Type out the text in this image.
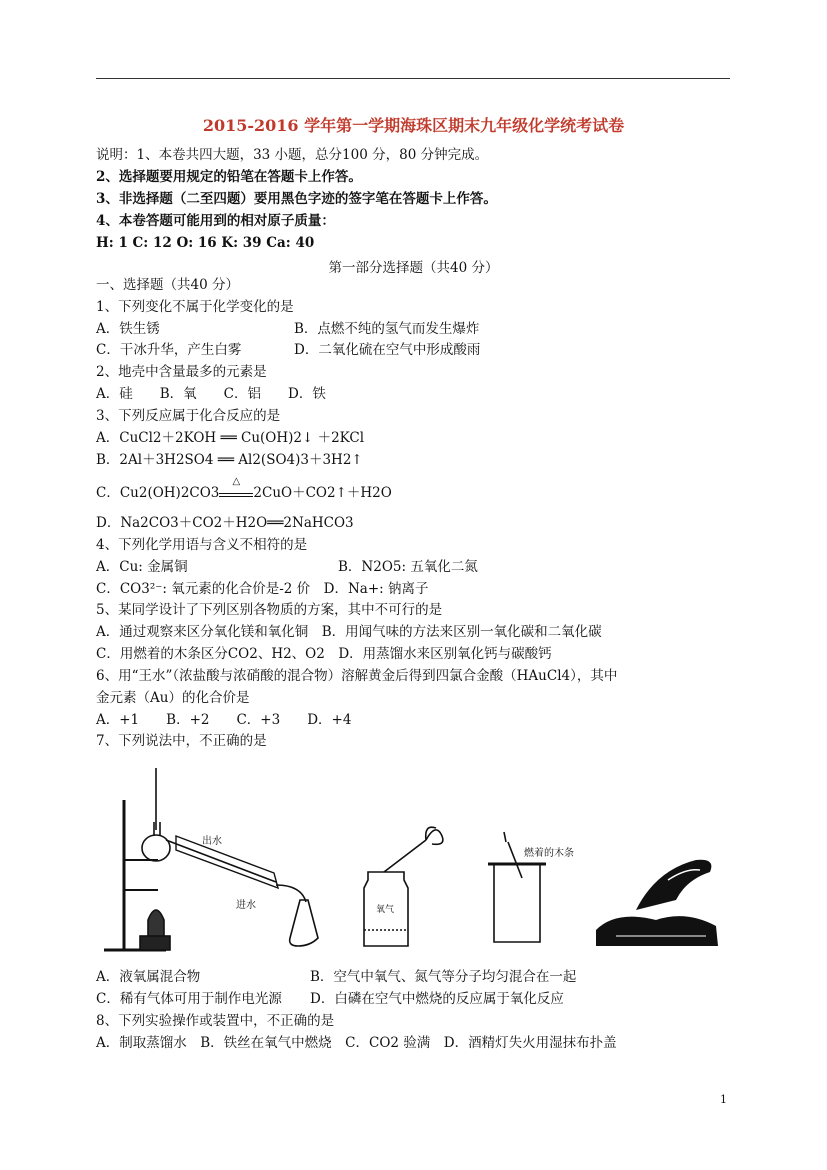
2015-2016 学年第一学期海珠区期末九年级化学统考试卷
说明：1、本卷共四大题，33 小题，总分100 分，80 分钟完成。
2、选择题要用规定的铅笔在答题卡上作答。
3、非选择题（二至四题）要用黑色字迹的签字笔在答题卡上作答。
4、本卷答题可能用到的相对原子质量：
H: 1 C: 12 O: 16 K: 39 Ca: 40
第一部分选择题（共40 分）
一、选择题（共40 分）
1、下列变化不属于化学变化的是
A．铁生锈	B．点燃不纯的氢气而发生爆炸
C．干冰升华，产生白雾	D．二氧化硫在空气中形成酸雨
2、地壳中含量最多的元素是
A．硅　　B．氧　　C．铝　　D．铁
3、下列反应属于化合反应的是
A．CuCl2＋2KOH ══ Cu(OH)2↓ ＋2KCl
B．2Al＋3H2SO4 ══ Al2(SO4)3＋3H2↑
C．Cu2(OH)2CO3
△
2CuO＋CO2↑＋H2O
D．Na2CO3＋CO2＋H2O══2NaHCO3
4、下列化学用语与含义不相符的是
A．Cu: 金属铜	B．N2O5: 五氧化二氮
C．CO3²⁻: 氧元素的化合价是-2 价　D．Na+: 钠离子
5、某同学设计了下列区别各物质的方案，其中不可行的是
A．通过观察来区分氧化镁和氧化铜　B．用闻气味的方法来区别一氧化碳和二氧化碳
C．用燃着的木条区分CO2、H2、O2　D．用蒸馏水来区别氧化钙与碳酸钙
6、用“王水”（浓盐酸与浓硝酸的混合物）溶解黄金后得到四氯合金酸（HAuCl4），其中
金元素（Au）的化合价是
A．+1　　B．+2　　C．+3　　D．+4
7、下列说法中，不正确的是
出水
进水	氧气
燃着的木条
A．液氧属混合物	B．空气中氧气、氮气等分子均匀混合在一起
C．稀有气体可用于制作电光源 D．白磷在空气中燃烧的反应属于氧化反应
8、下列实验操作或装置中，不正确的是
A．制取蒸馏水　B．铁丝在氧气中燃烧　C．CO2 验满　D．酒精灯失火用湿抹布扑盖
1
